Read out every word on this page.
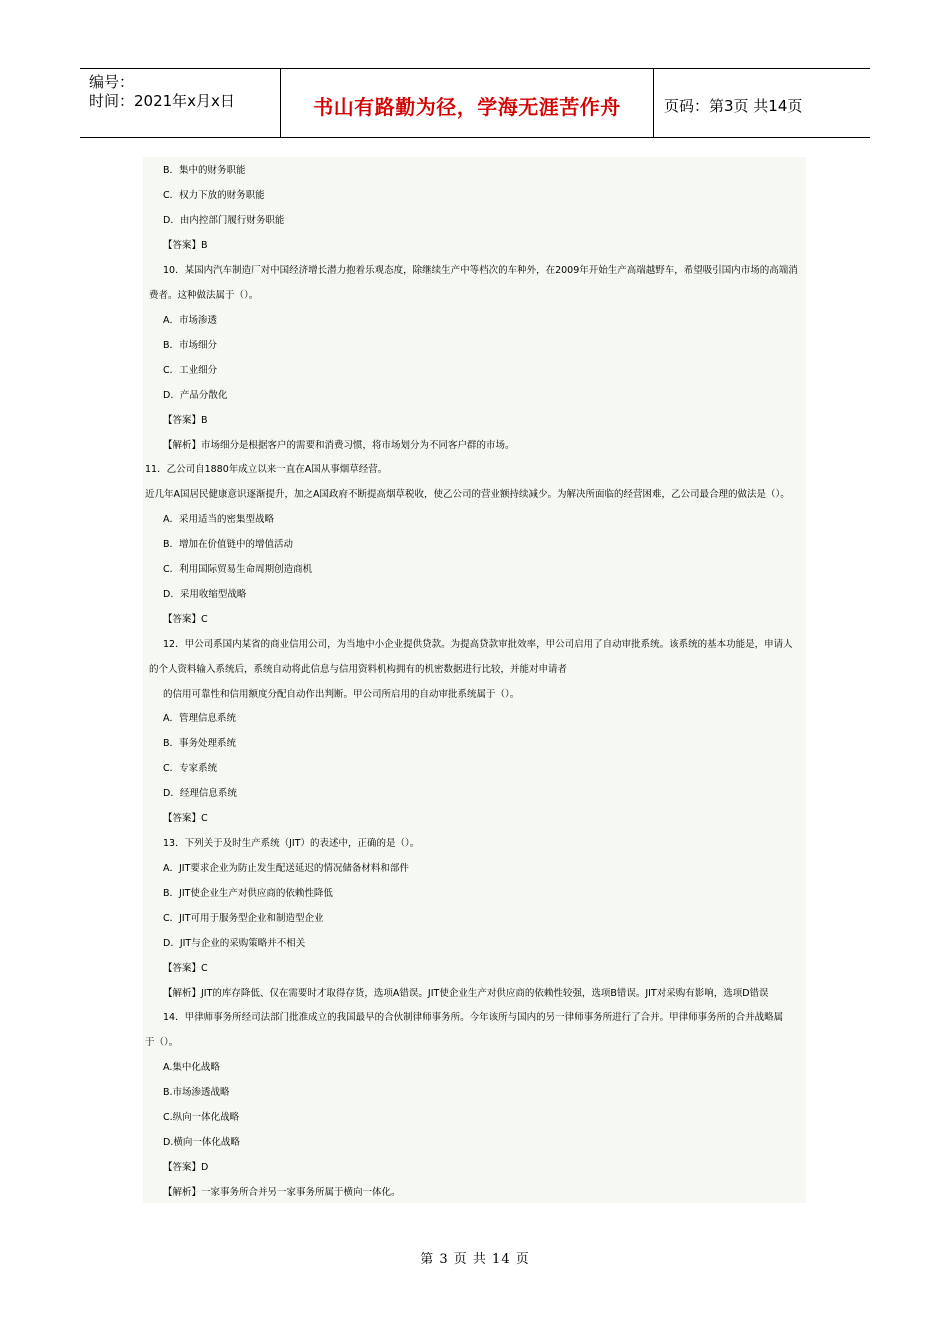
编号：
时间：2021年x月x日	书山有路勤为径，学海无涯苦作舟	页码：第3页 共14页
B．集中的财务职能
C．权力下放的财务职能
D．由内控部门履行财务职能
【答案】B
10．某国内汽车制造厂对中国经济增长潜力抱着乐观态度，除继续生产中等档次的车种外，在2009年开始生产高端越野车，希望吸引国内市场的高端消
费者。这种做法属于（）。
A．市场渗透
B．市场细分
C．工业细分
D．产品分散化
【答案】B
【解析】市场细分是根据客户的需要和消费习惯，将市场划分为不同客户群的市场。
11．乙公司自1880年成立以来一直在A国从事烟草经营。
近几年A国居民健康意识逐渐提升，加之A国政府不断提高烟草税收，使乙公司的营业额持续减少。为解决所面临的经营困难，乙公司最合理的做法是（）。
A．采用适当的密集型战略
B．增加在价值链中的增值活动
C．利用国际贸易生命周期创造商机
D．采用收缩型战略
【答案】C
12．甲公司系国内某省的商业信用公司，为当地中小企业提供贷款。为提高贷款审批效率，甲公司启用了自动审批系统。该系统的基本功能是，申请人
的个人资料输入系统后，系统自动将此信息与信用资料机构拥有的机密数据进行比较，并能对申请者
的信用可靠性和信用额度分配自动作出判断。甲公司所启用的自动审批系统属于（）。
A．管理信息系统
B．事务处理系统
C．专家系统
D．经理信息系统
【答案】C
13．下列关于及时生产系统（JIT）的表述中，正确的是（）。
A．JIT要求企业为防止发生配送延迟的情况储备材料和部件
B．JIT使企业生产对供应商的依赖性降低
C．JIT可用于服务型企业和制造型企业
D．JIT与企业的采购策略并不相关
【答案】C
【解析】JIT的库存降低、仅在需要时才取得存货，选项A错误。JIT使企业生产对供应商的依赖性较强，选项B错误。JIT对采购有影响，选项D错误
14．甲律师事务所经司法部门批准成立的我国最早的合伙制律师事务所。今年该所与国内的另一律师事务所进行了合并。甲律师事务所的合并战略属
于（）。
A.集中化战略
B.市场渗透战略
C.纵向一体化战略
D.横向一体化战略
【答案】D
【解析】一家事务所合并另一家事务所属于横向一体化。
第 3 页 共 14 页
